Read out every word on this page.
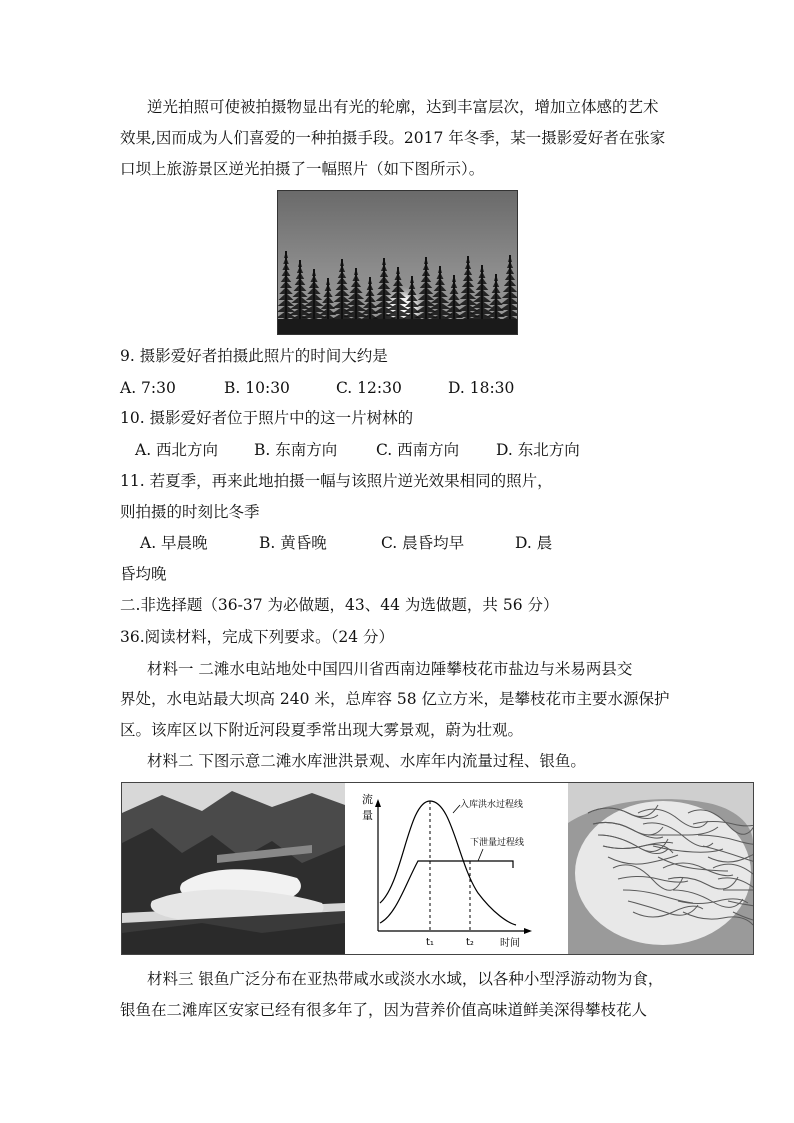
逆光拍照可使被拍摄物显出有光的轮廓，达到丰富层次，增加立体感的艺术
效果,因而成为人们喜爱的一种拍摄手段。2017 年冬季，某一摄影爱好者在张家
口坝上旅游景区逆光拍摄了一幅照片（如下图所示）。
9. 摄影爱好者拍摄此照片的时间大约是
A. 7:30	B. 10:30	C. 12:30	D. 18:30
10. 摄影爱好者位于照片中的这一片树林的
A. 西北方向 B. 东南方向	C. 西南方向 D. 东北方向
11. 若夏季，再来此地拍摄一幅与该照片逆光效果相同的照片，
则拍摄的时刻比冬季
A. 早晨晚	B. 黄昏晚	C. 晨昏均早	D. 晨
昏均晚
二.非选择题（36-37 为必做题，43、44 为选做题，共 56 分）
36.阅读材料，完成下列要求。（24 分）
材料一 二滩水电站地处中国四川省西南边陲攀枝花市盐边与米易两县交
界处，水电站最大坝高 240 米，总库容 58 亿立方米，是攀枝花市主要水源保护
区。该库区以下附近河段夏季常出现大雾景观，蔚为壮观。
材料二 下图示意二滩水库泄洪景观、水库年内流量过程、银鱼。
流
量
入库洪水过程线
下泄量过程线
t₁	t₂	时间
材料三 银鱼广泛分布在亚热带咸水或淡水水域，以各种小型浮游动物为食，
银鱼在二滩库区安家已经有很多年了，因为营养价值高味道鲜美深得攀枝花人
